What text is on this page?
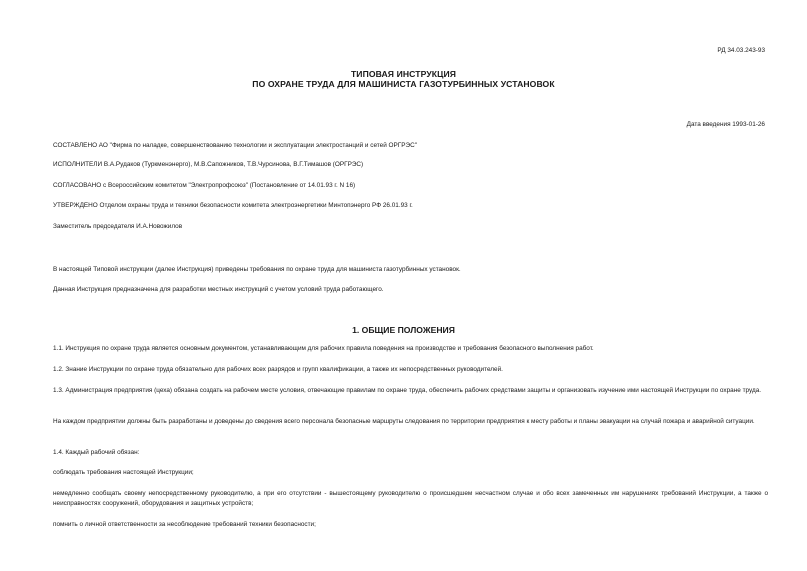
РД 34.03.243-93
ТИПОВАЯ ИНСТРУКЦИЯ
ПО ОХРАНЕ ТРУДА ДЛЯ МАШИНИСТА ГАЗОТУРБИННЫХ УСТАНОВОК
Дата введения 1993-01-26
СОСТАВЛЕНО АО "Фирма по наладке, совершенствованию технологии и эксплуатации электростанций и сетей ОРГРЭС"
ИСПОЛНИТЕЛИ В.А.Рудаков (Туркменэнерго), М.В.Сапожников, Т.В.Чурсинова, В.Г.Тимашов (ОРГРЭС)
СОГЛАСОВАНО с Всероссийским комитетом "Электропрофсоюз" (Постановление от 14.01.93 г. N 16)
УТВЕРЖДЕНО Отделом охраны труда и техники безопасности комитета электроэнергетики Минтопэнерго РФ 26.01.93 г.
Заместитель председателя И.А.Новожилов
В настоящей Типовой инструкции (далее Инструкция) приведены требования по охране труда для машиниста газотурбинных установок.
Данная Инструкция предназначена для разработки местных инструкций с учетом условий труда работающего.
1. ОБЩИЕ ПОЛОЖЕНИЯ
1.1. Инструкция по охране труда является основным документом, устанавливающим для рабочих правила поведения на производстве и требования безопасного выполнения работ.
1.2. Знание Инструкции по охране труда обязательно для рабочих всех разрядов и групп квалификации, а также их непосредственных руководителей.
1.3. Администрация предприятия (цеха) обязана создать на рабочем месте условия, отвечающие правилам по охране труда, обеспечить рабочих средствами защиты и организовать изучение ими настоящей Инструкции по охране труда.
На каждом предприятии должны быть разработаны и доведены до сведения всего персонала безопасные маршруты следования по территории предприятия к месту работы и планы эвакуации на случай пожара и аварийной ситуации.
1.4. Каждый рабочий обязан:
соблюдать требования настоящей Инструкции;
немедленно сообщать своему непосредственному руководителю, а при его отсутствии - вышестоящему руководителю о происшедшем несчастном случае и обо всех замеченных им нарушениях требований Инструкции, а также о неисправностях сооружений, оборудования и защитных устройств;
помнить о личной ответственности за несоблюдение требований техники безопасности;
